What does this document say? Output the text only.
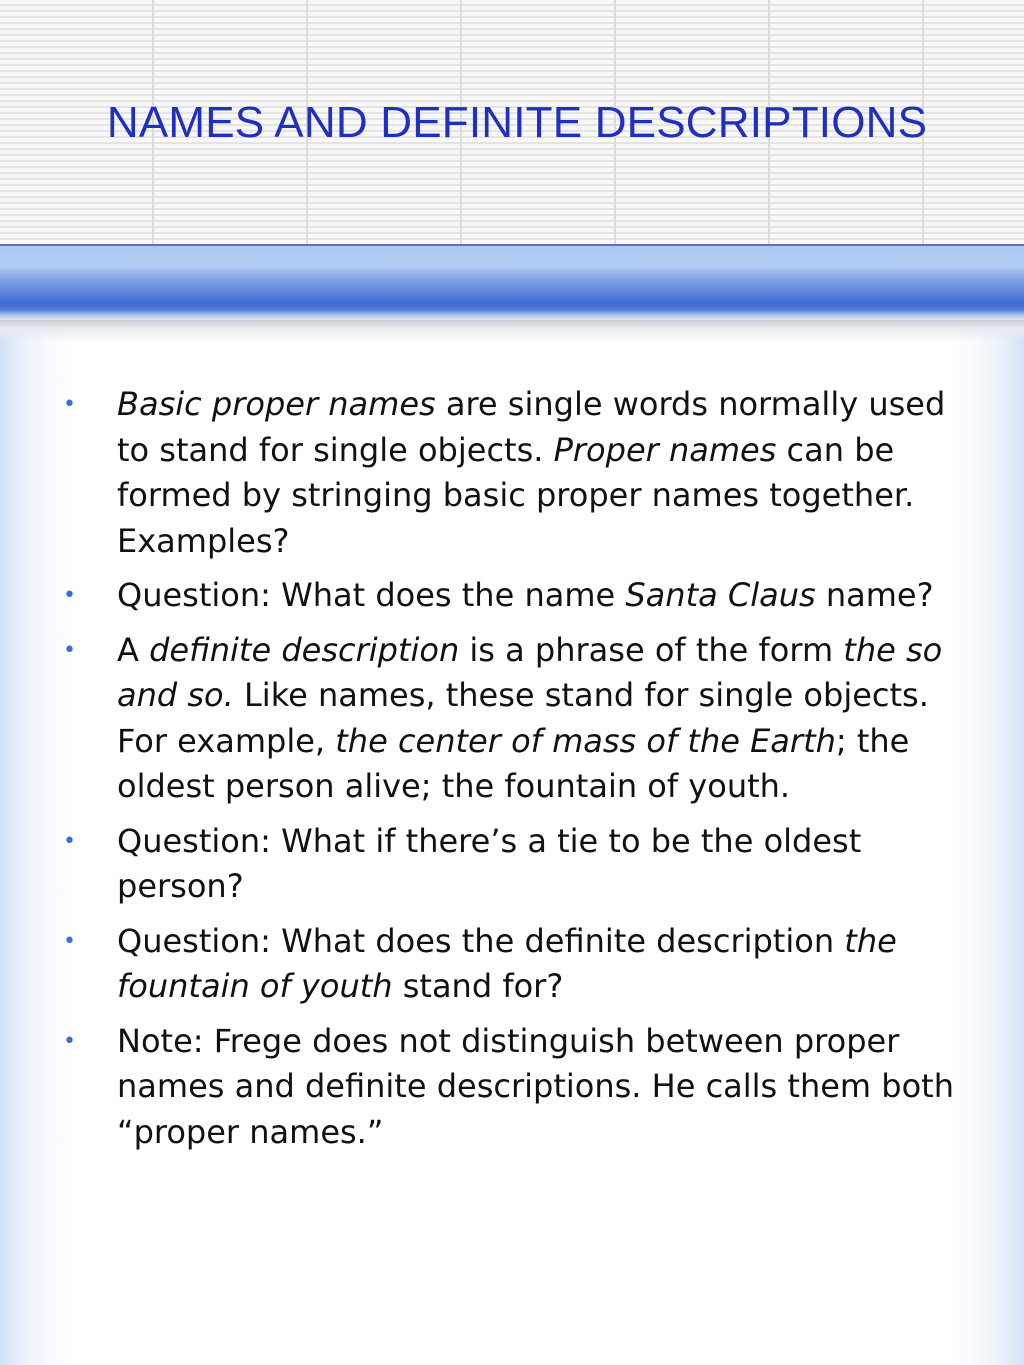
NAMES AND DEFINITE DESCRIPTIONS
• Basic proper names are single words normally used to stand for single objects. Proper names can be formed by stringing basic proper names together. Examples?
• Question: What does the name Santa Claus name?
• A definite description is a phrase of the form the so and so. Like names, these stand for single objects. For example, the center of mass of the Earth; the oldest person alive; the fountain of youth.
• Question: What if there’s a tie to be the oldest person?
• Question: What does the definite description the fountain of youth stand for?
• Note: Frege does not distinguish between proper names and definite descriptions. He calls them both “proper names.”
